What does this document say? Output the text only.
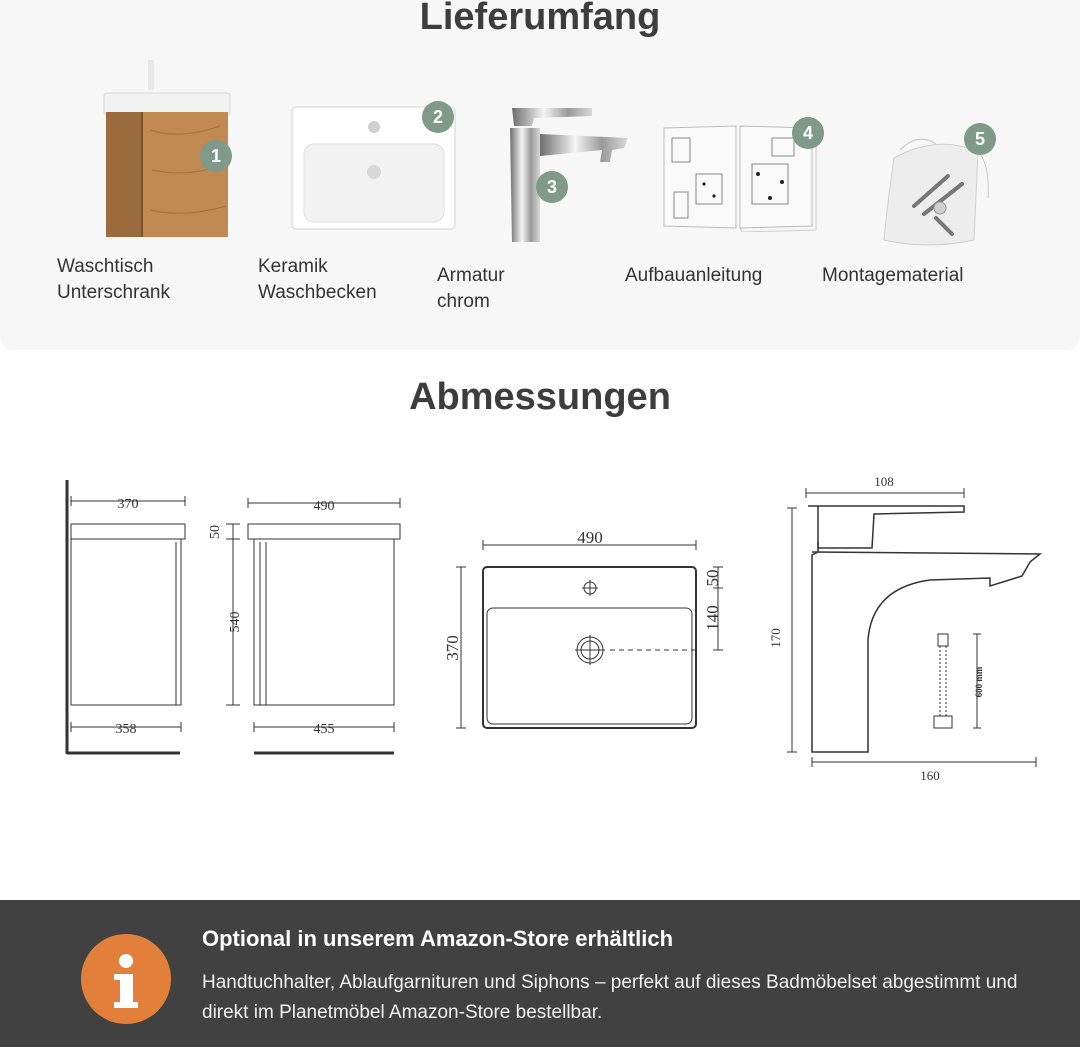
Lieferumfang
1
Waschtisch
Unterschrank
2
Keramik
Waschbecken
3
Armatur
chrom
4
Aufbauanleitung
5
Montagematerial
Abmessungen
370
358
490
455
50
540
108
170
160
600 mm
490
370
50
140
Optional in unserem Amazon-Store erhältlich
Handtuchhalter, Ablaufgarnituren und Siphons – perfekt auf dieses Badmöbelset abgestimmt und direkt im Planetmöbel Amazon-Store bestellbar.
